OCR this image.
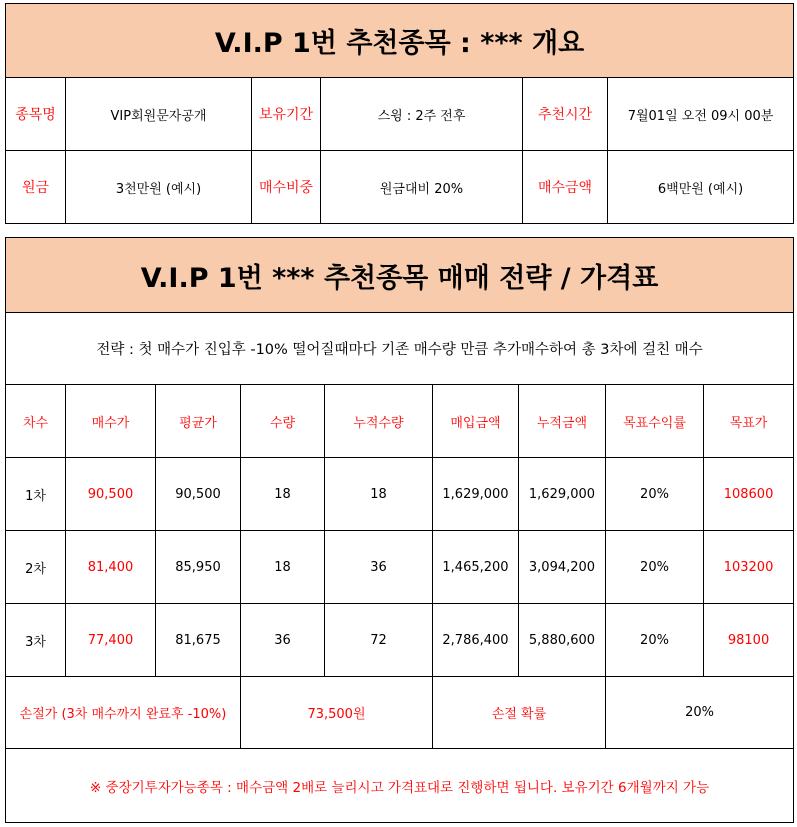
V.I.P 1번 추천종목 : *** 개요					
종목명	VIP회원문자공개	보유기간	스윙 : 2주 전후	추천시간	7월01일 오전 09시 00분
원금	3천만원 (예시)	매수비중	원금대비 20%	매수금액	6백만원 (예시)
V.I.P 1번 *** 추천종목 매매 전략 / 가격표								
전략 : 첫 매수가 진입후 -10% 떨어질때마다 기존 매수량 만큼 추가매수하여 총 3차에 걸친 매수								
차수	매수가	평균가	수량	누적수량	매입금액	누적금액	목표수익률	목표가
1차	90,500	90,500	18	18	1,629,000	1,629,000	20%	108600
2차	81,400	85,950	18	36	1,465,200	3,094,200	20%	103200
3차	77,400	81,675	36	72	2,786,400	5,880,600	20%	98100
손절가 (3차 매수까지 완료후 -10%)			73,500원		손절 확률		20%	
※ 중장기투자가능종목 : 매수금액 2배로 늘리시고 가격표대로 진행하면 됩니다. 보유기간 6개월까지 가능								
